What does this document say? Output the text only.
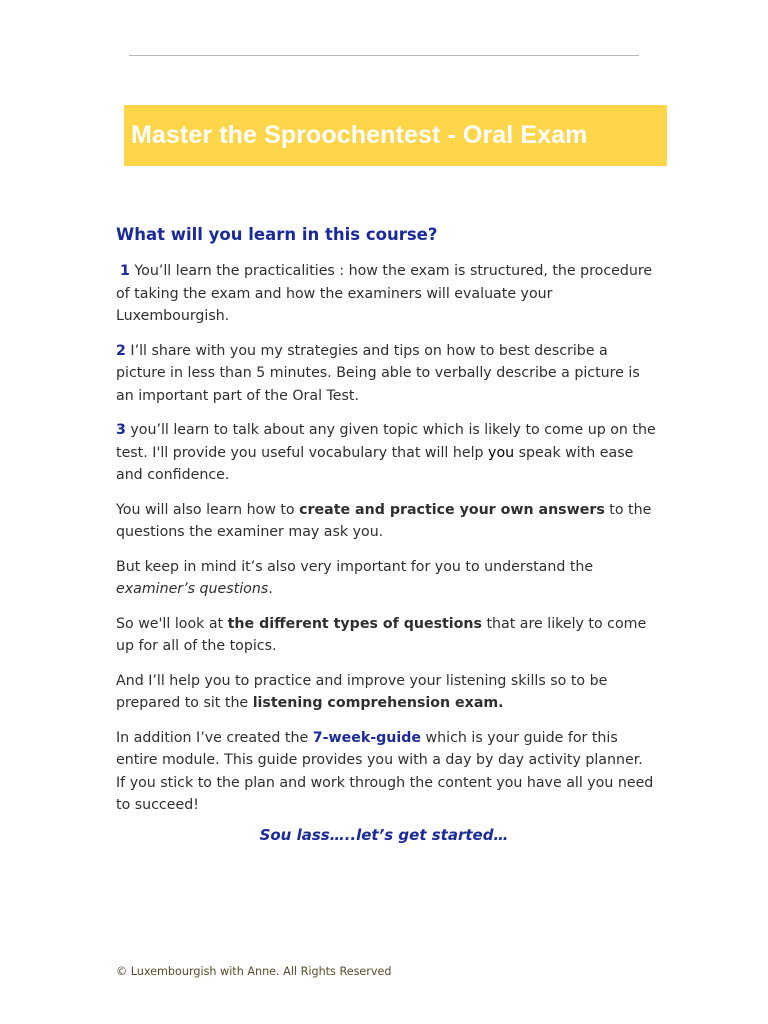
Master the Sproochentest - Oral Exam
What will you learn in this course?

1 You’ll learn the practicalities : how the exam is structured, the procedure of taking the exam and how the examiners will evaluate your Luxembourgish.

2 I’ll share with you my strategies and tips on how to best describe a picture in less than 5 minutes. Being able to verbally describe a picture is an important part of the Oral Test.

3 you’ll learn to talk about any given topic which is likely to come up on the test. I'll provide you useful vocabulary that will help you speak with ease and confidence.

You will also learn how to create and practice your own answers to the questions the examiner may ask you.

But keep in mind it’s also very important for you to understand the examiner’s questions.

So we'll look at the different types of questions that are likely to come up for all of the topics.

And I’ll help you to practice and improve your listening skills so to be prepared to sit the listening comprehension exam.

In addition I’ve created the 7-week-guide which is your guide for this entire module. This guide provides you with a day by day activity planner. If you stick to the plan and work through the content you have all you need to succeed!

Sou lass…..let’s get started…
© Luxembourgish with Anne. All Rights Reserved
